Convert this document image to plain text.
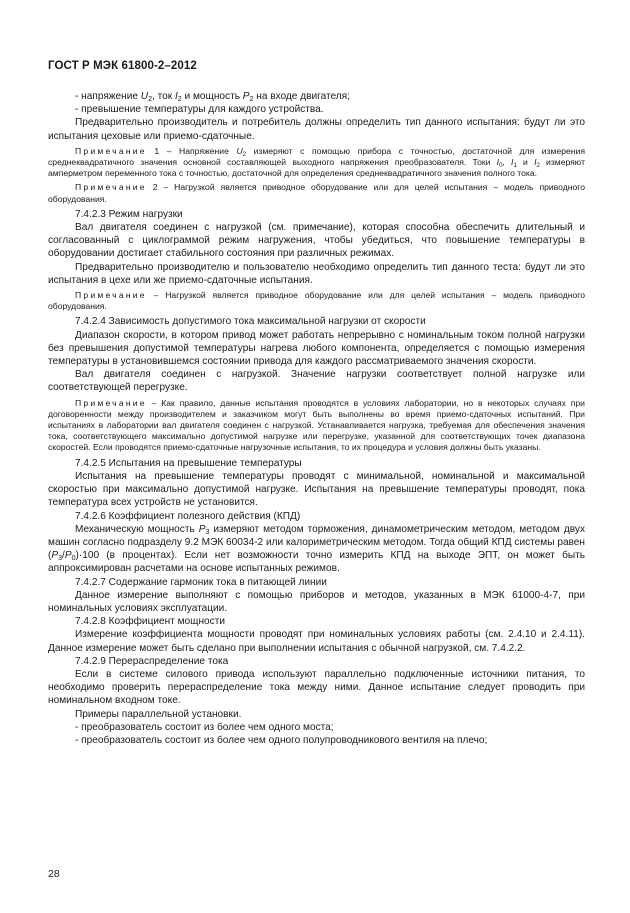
ГОСТ Р МЭК 61800-2–2012

- напряжение $U_2$, ток $I_2$ и мощность $P_2$ на входе двигателя;

- превышение температуры для каждого устройства.

Предварительно производитель и потребитель должны определить тип данного испытания: будут ли это испытания цеховые или приемо-сдаточные.

Примечание 1 – Напряжение $U_2$ измеряют с помощью прибора с точностью, достаточной для измерения среднеквадратичного значения основной составляющей выходного напряжения преобразователя. Токи $I_0$, $I_1$ и $I_2$ измеряют амперметром переменного тока с точностью, достаточной для определения среднеквадратичного значения полного тока.

Примечание 2 – Нагрузкой является приводное оборудование или для целей испытания – модель приводного оборудования.

7.4.2.3 Режим нагрузки

Вал двигателя соединен с нагрузкой (см. примечание), которая способна обеспечить длительный и согласованный с циклограммой режим нагружения, чтобы убедиться, что повышение температуры в оборудовании достигает стабильного состояния при различных режимах.

Предварительно производителю и пользователю необходимо определить тип данного теста: будут ли это испытания в цехе или же приемо-сдаточные испытания.

Примечание – Нагрузкой является приводное оборудование или для целей испытания – модель приводного оборудования.

7.4.2.4 Зависимость допустимого тока максимальной нагрузки от скорости

Диапазон скорости, в котором привод может работать непрерывно с номинальным током полной нагрузки без превышения допустимой температуры нагрева любого компонента, определяется с помощью измерения температуры в установившемся состоянии привода для каждого рассматриваемого значения скорости.

Вал двигателя соединен с нагрузкой. Значение нагрузки соответствует полной нагрузке или соответствующей перегрузке.

Примечание – Как правило, данные испытания проводятся в условиях лаборатории, но в некоторых случаях при договоренности между производителем и заказчиком могут быть выполнены во время приемо-сдаточных испытаний. При испытаниях в лаборатории вал двигателя соединен с нагрузкой. Устанавливается нагрузка, требуемая для обеспечения значения тока, соответствующего максимально допустимой нагрузке или перегрузке, указанной для соответствующих точек диапазона скоростей. Если проводятся приемо-сдаточные нагрузочные испытания, то их процедура и условия должны быть указаны.

7.4.2.5 Испытания на превышение температуры

Испытания на превышение температуры проводят с минимальной, номинальной и максимальной скоростью при максимально допустимой нагрузке. Испытания на превышение температуры проводят, пока температура всех устройств не установится.

7.4.2.6 Коэффициент полезного действия (КПД)

Механическую мощность $P_3$ измеряют методом торможения, динамометрическим методом, методом двух машин согласно подразделу 9.2 МЭК 60034-2 или калориметрическим методом. Тогда общий КПД системы равен $(P_3/P_0)\cdot 100$ (в процентах). Если нет возможности точно измерить КПД на выходе ЭПТ, он может быть аппроксимирован расчетами на основе испытанных режимов.

7.4.2.7 Содержание гармоник тока в питающей линии

Данное измерение выполняют с помощью приборов и методов, указанных в МЭК 61000-4-7, при номинальных условиях эксплуатации.

7.4.2.8 Коэффициент мощности

Измерение коэффициента мощности проводят при номинальных условиях работы (см. 2.4.10 и 2.4.11). Данное измерение может быть сделано при выполнении испытания с обычной нагрузкой, см. 7.4.2.2.

7.4.2.9 Перераспределение тока

Если в системе силового привода используют параллельно подключенные источники питания, то необходимо проверить перераспределение тока между ними. Данное испытание следует проводить при номинальном входном токе.

Примеры параллельной установки.

- преобразователь состоит из более чем одного моста;

- преобразователь состоит из более чем одного полупроводникового вентиля на плечо;

28
